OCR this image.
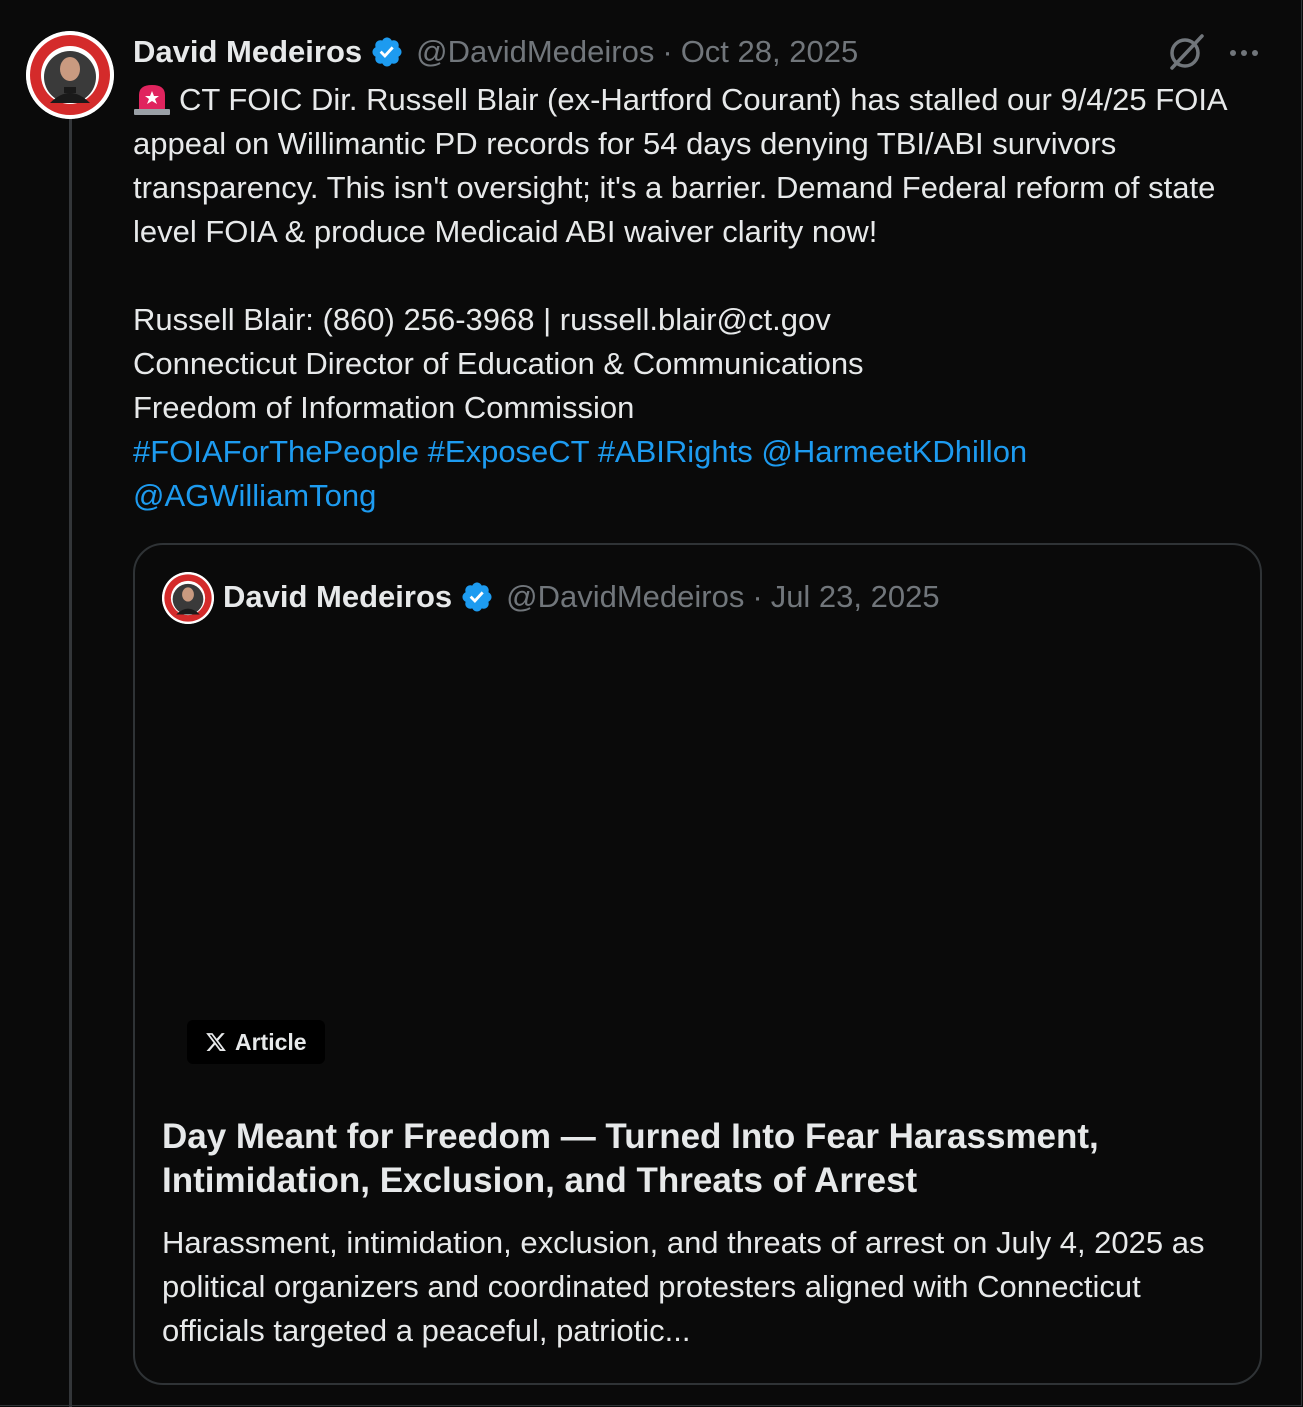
David Medeiros @DavidMedeiros · Oct 28, 2025

CT FOIC Dir. Russell Blair (ex-Hartford Courant) has stalled our 9/4/25 FOIA appeal on Willimantic PD records for 54 days denying TBI/ABI survivors transparency. This isn't oversight; it's a barrier. Demand Federal reform of state level FOIA & produce Medicaid ABI waiver clarity now!

Russell Blair: (860) 256-3968 | russell.blair@ct.gov

Connecticut Director of Education & Communications

Freedom of Information Commission

#FOIAForThePeople #ExposeCT #ABIRights @HarmeetKDhillon @AGWilliamTong

David Medeiros @DavidMedeiros · Jul 23, 2025
Article
Day Meant for Freedom — Turned Into Fear Harassment, Intimidation, Exclusion, and Threats of Arrest
Harassment, intimidation, exclusion, and threats of arrest on July 4, 2025 as political organizers and coordinated protesters aligned with Connecticut officials targeted a peaceful, patriotic...
